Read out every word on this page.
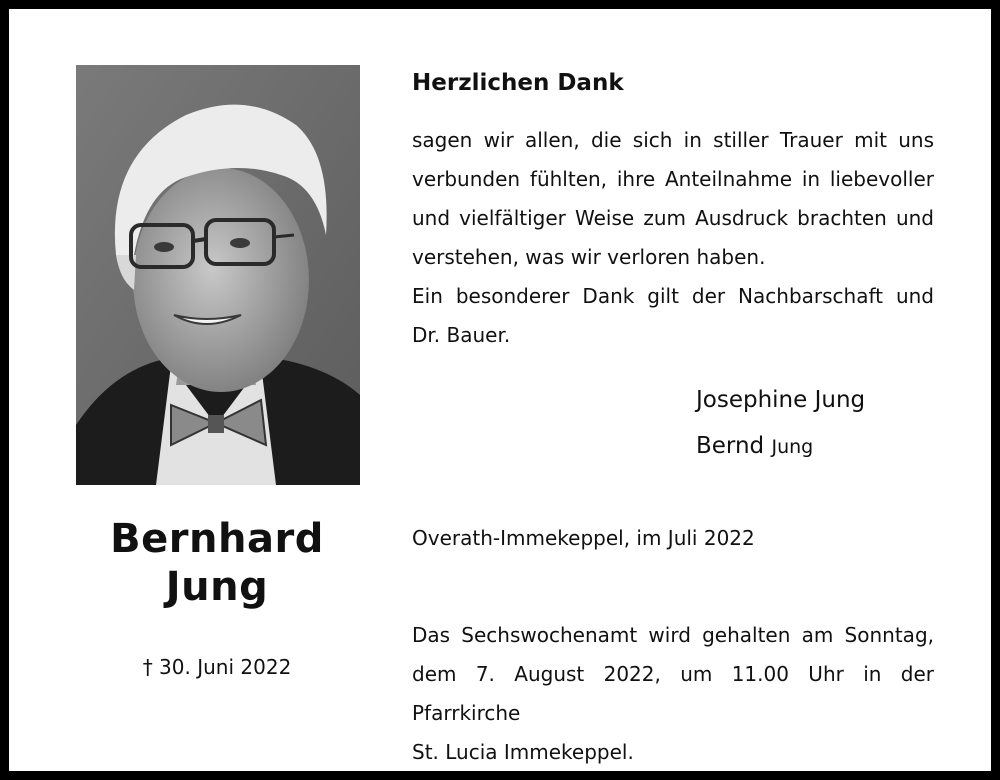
Bernhard
Jung
† 30. Juni 2022
Herzlichen Dank
sagen wir allen, die sich in stiller Trauer mit uns verbunden fühlten, ihre Anteilnahme in liebevoller und vielfältiger Weise zum Ausdruck brachten und
verstehen, was wir verloren haben.
Ein besonderer Dank gilt der Nachbarschaft und
Dr. Bauer.
Josephine Jung
Bernd Jung
Overath-Immekeppel, im Juli 2022
Das Sechswochenamt wird gehalten am Sonntag, dem 7. August 2022, um 11.00 Uhr in der Pfarrkirche
St. Lucia Immekeppel.
